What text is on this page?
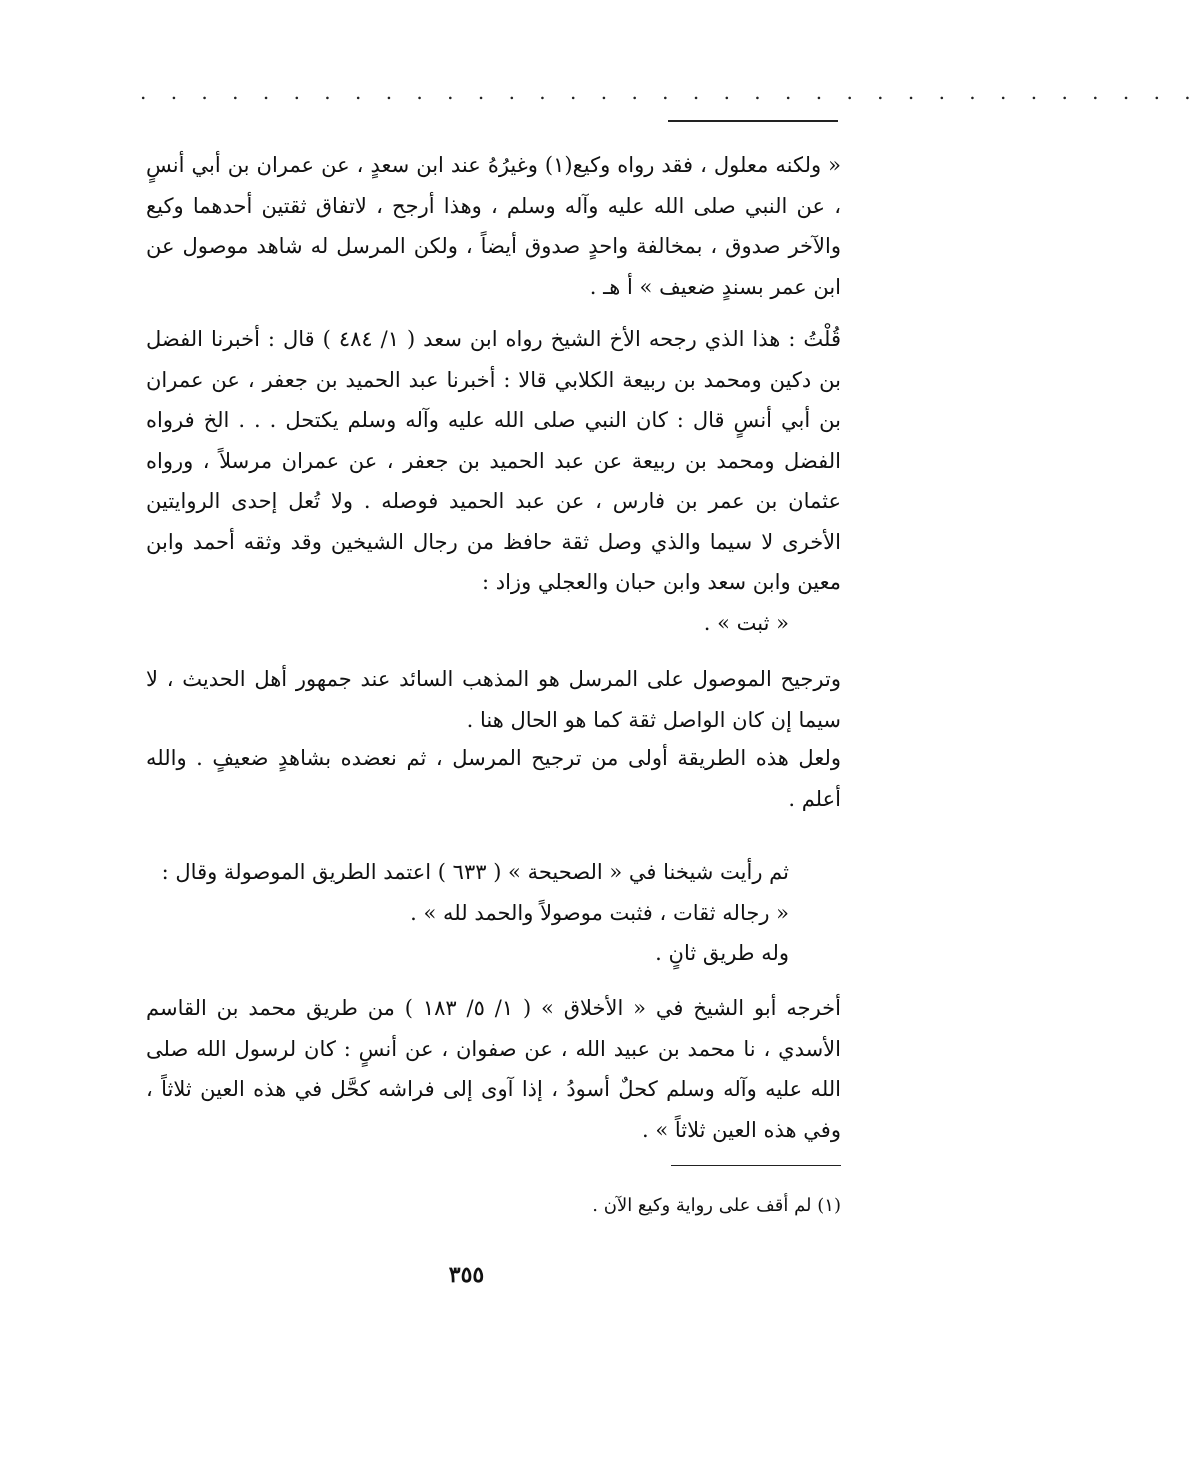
. . . . . . . . . . . . . . . . . . . . . . . . . . . . . . . . . . .

« ولكنه معلول ، فقد رواه وكيع(١) وغيرُهُ عند ابن سعدٍ ، عن عمران بن أبي أنسٍ ، عن النبي صلى الله عليه وآله وسلم ، وهذا أرجح ، لاتفاق ثقتين أحدهما وكيع والآخر صدوق ، بمخالفة واحدٍ صدوق أيضاً ، ولكن المرسل له شاهد موصول عن ابن عمر بسندٍ ضعيف » أ هـ .

قُلْتُ : هذا الذي رجحه الأخ الشيخ رواه ابن سعد ( ١/ ٤٨٤ ) قال : أخبرنا الفضل بن دكين ومحمد بن ربيعة الكلابي قالا : أخبرنا عبد الحميد بن جعفر ، عن عمران بن أبي أنسٍ قال : كان النبي صلى الله عليه وآله وسلم يكتحل . . . الخ فرواه الفضل ومحمد بن ربيعة عن عبد الحميد بن جعفر ، عن عمران مرسلاً ، ورواه عثمان بن عمر بن فارس ، عن عبد الحميد فوصله . ولا تُعل إحدى الروايتين الأخرى لا سيما والذي وصل ثقة حافظ من رجال الشيخين وقد وثقه أحمد وابن معين وابن سعد وابن حبان والعجلي وزاد :

« ثبت » .

وترجيح الموصول على المرسل هو المذهب السائد عند جمهور أهل الحديث ، لا سيما إن كان الواصل ثقة كما هو الحال هنا .

ولعل هذه الطريقة أولى من ترجيح المرسل ، ثم نعضده بشاهدٍ ضعيفٍ . والله أعلم .

ثم رأيت شيخنا في « الصحيحة » ( ٦٣٣ ) اعتمد الطريق الموصولة وقال :

« رجاله ثقات ، فثبت موصولاً والحمد لله » .

وله طريق ثانٍ .

أخرجه أبو الشيخ في « الأخلاق » ( ١/ ٥/ ١٨٣ ) من طريق محمد بن القاسم الأسدي ، نا محمد بن عبيد الله ، عن صفوان ، عن أنسٍ : كان لرسول الله صلى الله عليه وآله وسلم كحلٌ أسودُ ، إذا آوى إلى فراشه كحَّل في هذه العين ثلاثاً ، وفي هذه العين ثلاثاً » .

(١) لم أقف على رواية وكيع الآن .
٣٥٥
